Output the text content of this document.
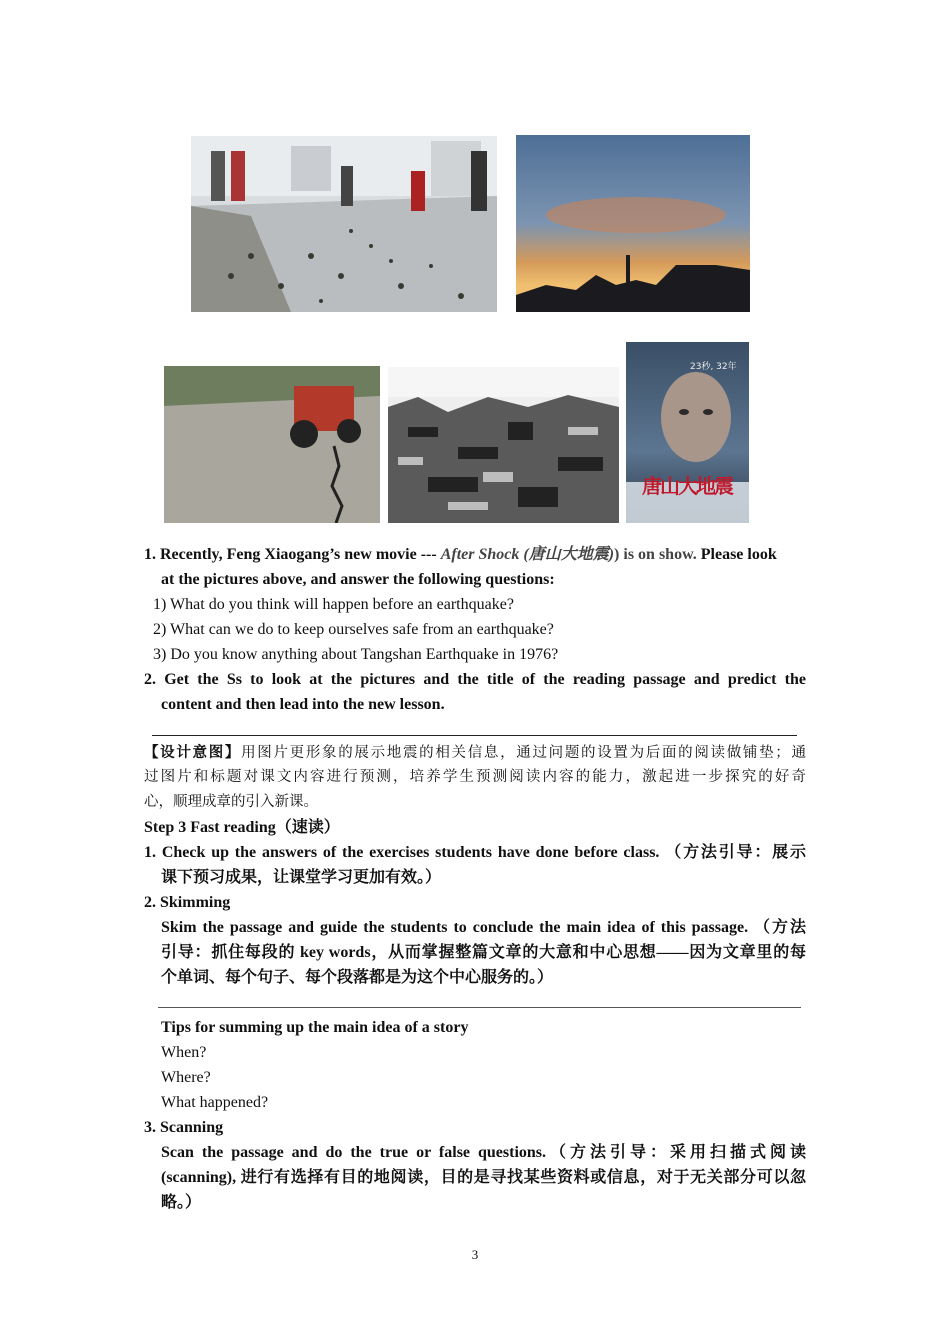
23秒, 32年
唐山大地震
1. Recently, Feng Xiaogang’s new movie --- After Shock (唐山大地震)) is on show. Please look
at the pictures above, and answer the following questions:
1) What do you think will happen before an earthquake?
2) What can we do to keep ourselves safe from an earthquake?
3) Do you know anything about Tangshan Earthquake in 1976?
2. Get the Ss to look at the pictures and the title of the reading passage and predict the
content and then lead into the new lesson.
【设计意图】用图片更形象的展示地震的相关信息，通过问题的设置为后面的阅读做铺垫；通
过图片和标题对课文内容进行预测，培养学生预测阅读内容的能力，激起进一步探究的好奇
心，顺理成章的引入新课。
Step 3 Fast reading（速读）
1. Check up the answers of the exercises students have done before class. （方法引导：展示
课下预习成果，让课堂学习更加有效。）
2. Skimming
Skim the passage and guide the students to conclude the main idea of this passage. （方法
引导：抓住每段的 key words，从而掌握整篇文章的大意和中心思想——因为文章里的每
个单词、每个句子、每个段落都是为这个中心服务的。）
Tips for summing up the main idea of a story
When?
Where?
What happened?
3. Scanning
Scan the passage and do the true or false questions.（方法引导：采用扫描式阅读
(scanning), 进行有选择有目的地阅读，目的是寻找某些资料或信息，对于无关部分可以忽
略。）
3
